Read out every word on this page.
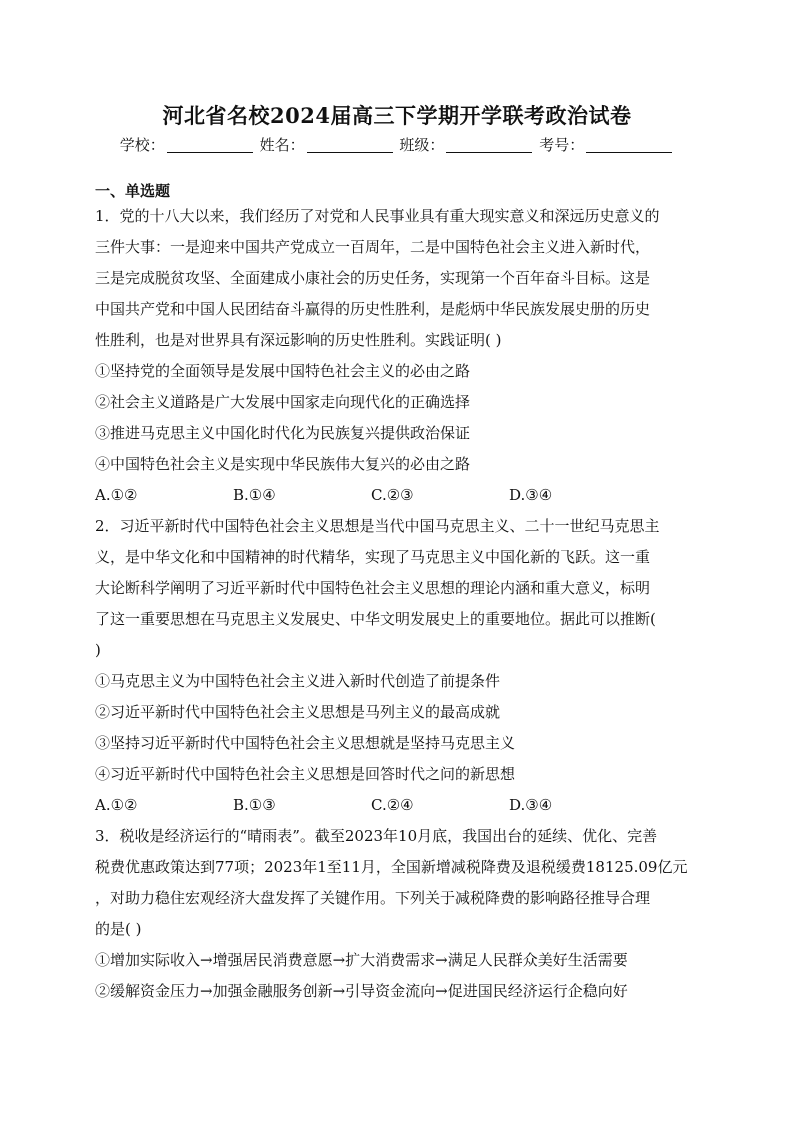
河北省名校2024届高三下学期开学联考政治试卷
学校：	姓名：	班级：	考号：
一、单选题

1．党的十八大以来，我们经历了对党和人民事业具有重大现实意义和深远历史意义的

三件大事：一是迎来中国共产党成立一百周年，二是中国特色社会主义进入新时代，

三是完成脱贫攻坚、全面建成小康社会的历史任务，实现第一个百年奋斗目标。这是

中国共产党和中国人民团结奋斗赢得的历史性胜利，是彪炳中华民族发展史册的历史

性胜利，也是对世界具有深远影响的历史性胜利。实践证明( )

①坚持党的全面领导是发展中国特色社会主义的必由之路

②社会主义道路是广大发展中国家走向现代化的正确选择

③推进马克思主义中国化时代化为民族复兴提供政治保证

④中国特色社会主义是实现中华民族伟大复兴的必由之路

A.①②	B.①④	C.②③	D.③④

2．习近平新时代中国特色社会主义思想是当代中国马克思主义、二十一世纪马克思主

义，是中华文化和中国精神的时代精华，实现了马克思主义中国化新的飞跃。这一重

大论断科学阐明了习近平新时代中国特色社会主义思想的理论内涵和重大意义，标明

了这一重要思想在马克思主义发展史、中华文明发展史上的重要地位。据此可以推断(

)

①马克思主义为中国特色社会主义进入新时代创造了前提条件

②习近平新时代中国特色社会主义思想是马列主义的最高成就

③坚持习近平新时代中国特色社会主义思想就是坚持马克思主义

④习近平新时代中国特色社会主义思想是回答时代之问的新思想

A.①②	B.①③	C.②④	D.③④

3．税收是经济运行的“晴雨表”。截至2023年10月底，我国出台的延续、优化、完善

税费优惠政策达到77项；2023年1至11月，全国新增减税降费及退税缓费18125.09亿元

，对助力稳住宏观经济大盘发挥了关键作用。下列关于减税降费的影响路径推导合理

的是( )

①增加实际收入→增强居民消费意愿→扩大消费需求→满足人民群众美好生活需要

②缓解资金压力→加强金融服务创新→引导资金流向→促进国民经济运行企稳向好
